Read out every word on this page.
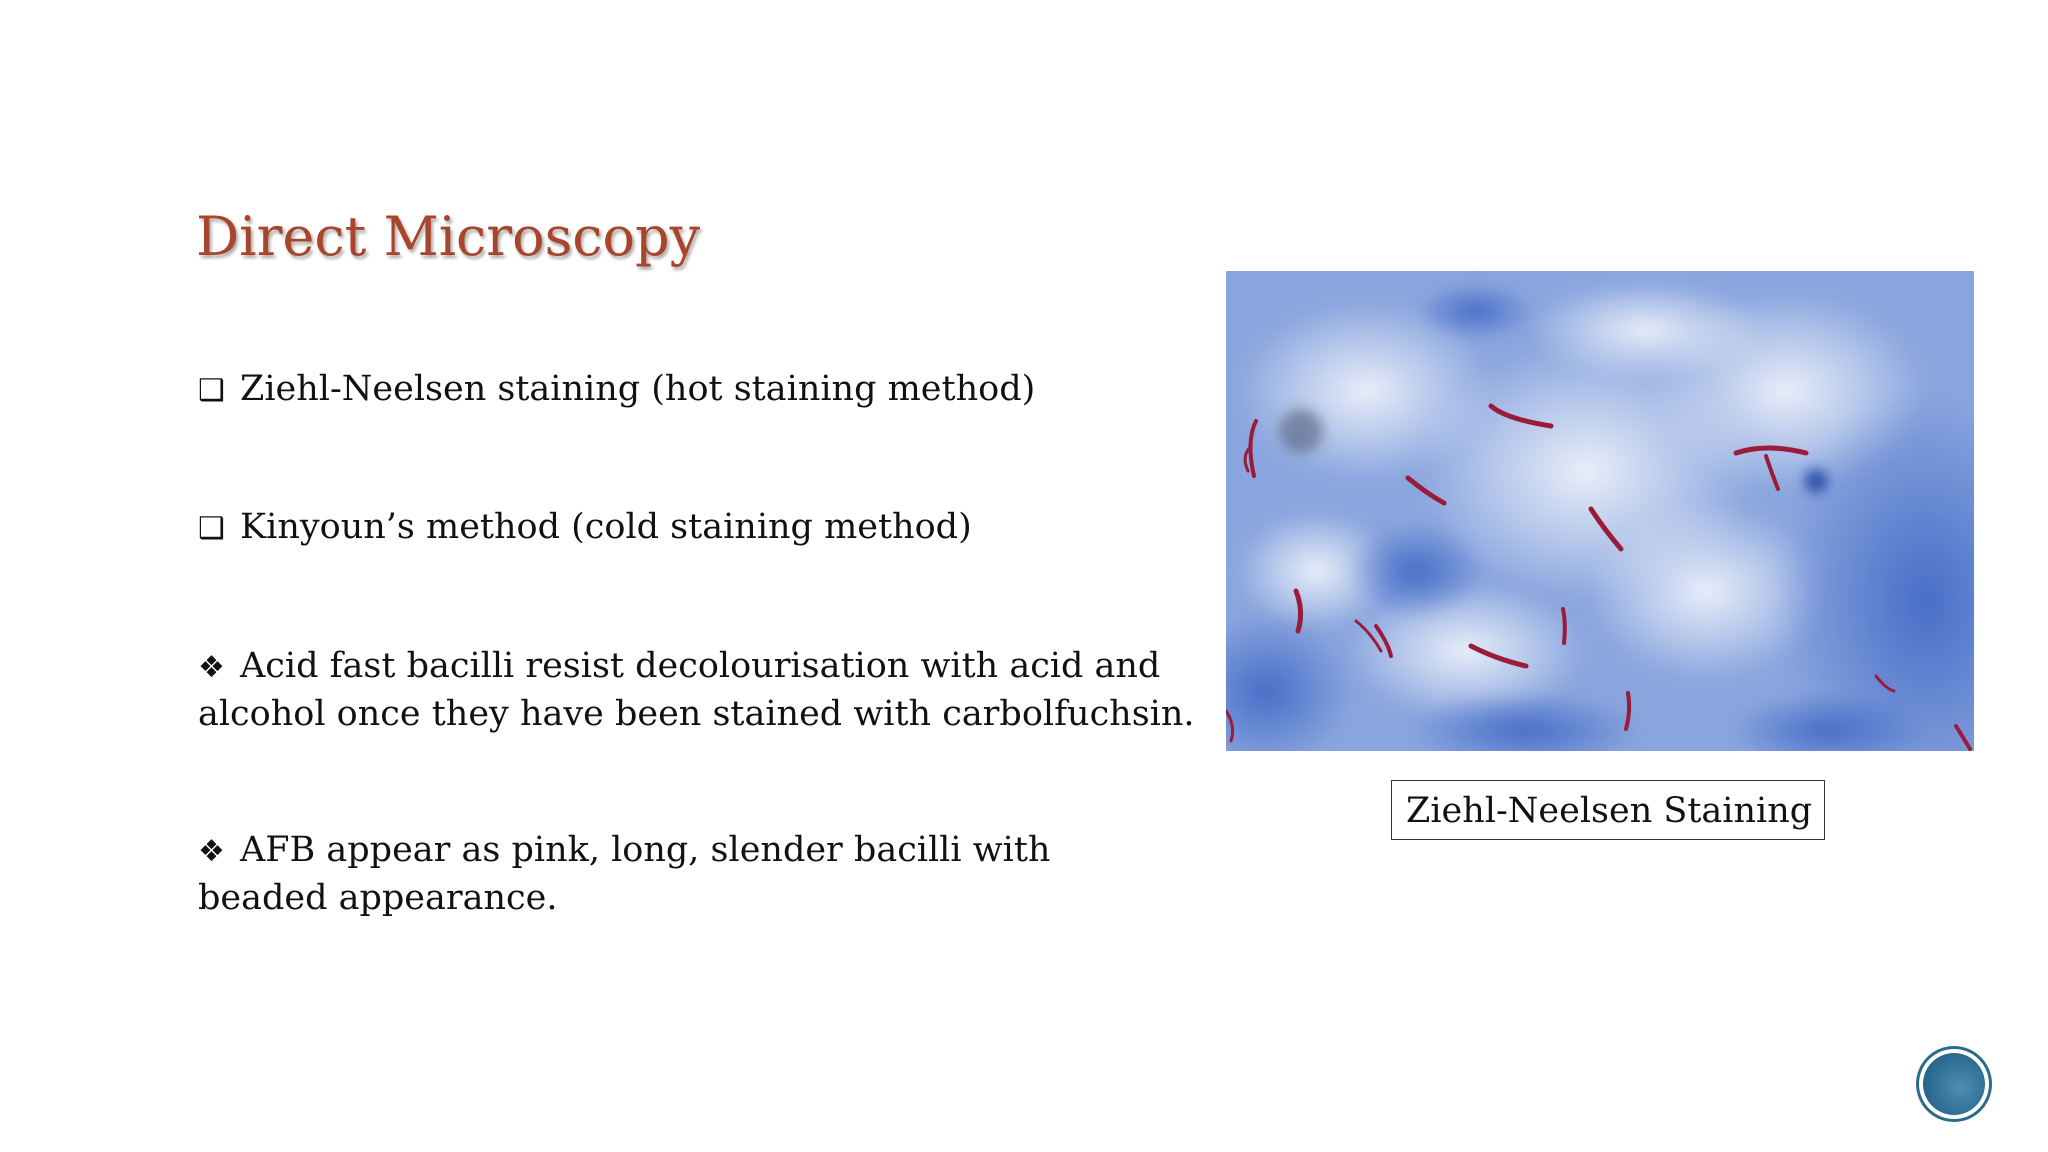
Direct Microscopy
❑ Ziehl-Neelsen staining (hot staining method)
❑ Kinyoun’s method (cold staining method)
❖ Acid fast bacilli resist decolourisation with acid and alcohol once they have been stained with carbolfuchsin.
❖ AFB appear as pink, long, slender bacilli with beaded appearance.
Ziehl-Neelsen Staining
